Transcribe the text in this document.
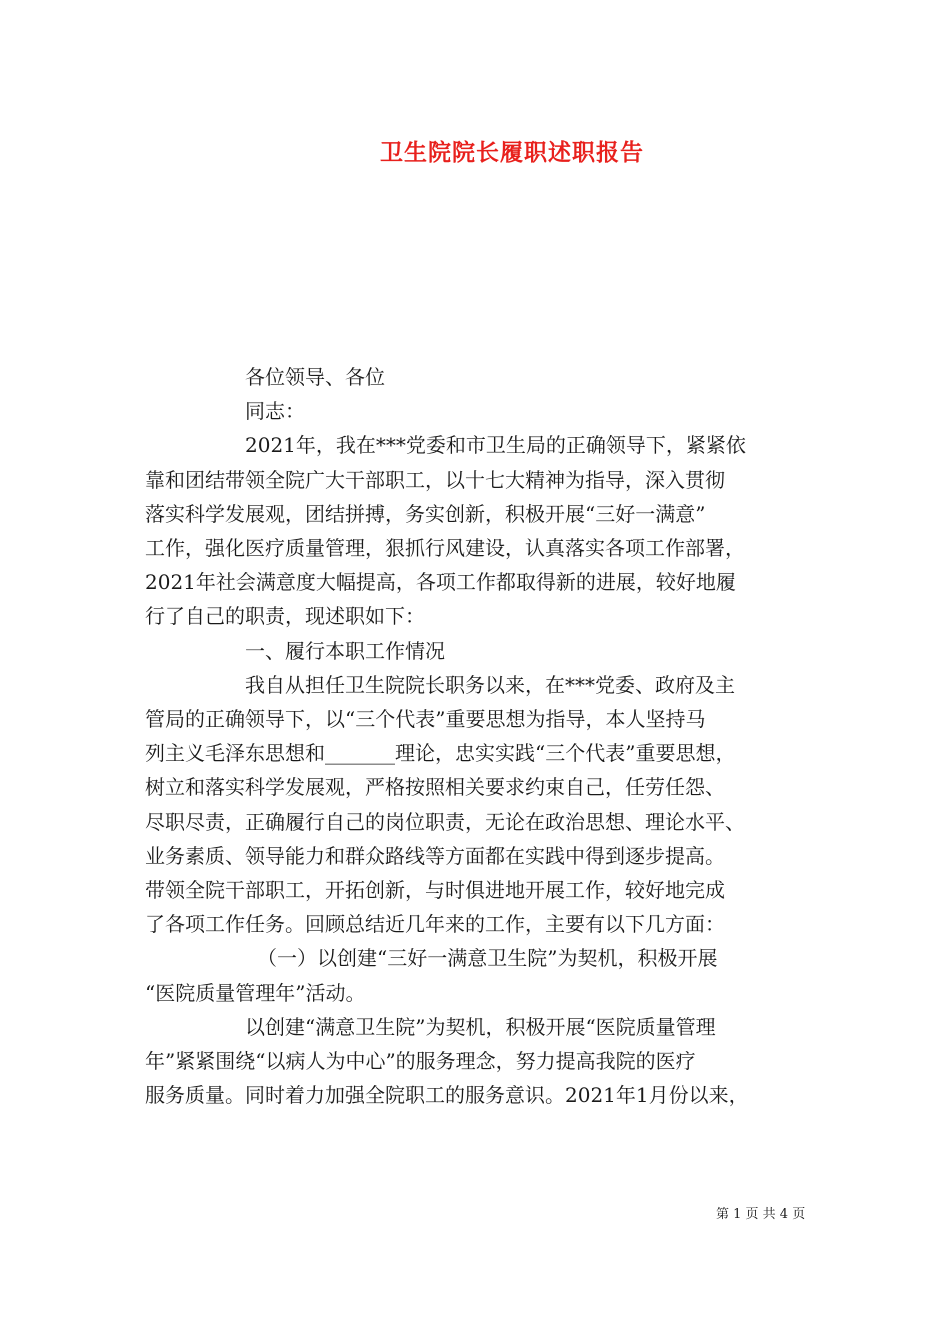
卫生院院长履职述职报告
各位领导、各位
同志：
2021年，我在***党委和市卫生局的正确领导下，紧紧依
靠和团结带领全院广大干部职工，以十七大精神为指导，深入贯彻
落实科学发展观，团结拼搏，务实创新，积极开展“三好一满意”
工作，强化医疗质量管理，狠抓行风建设，认真落实各项工作部署，
2021年社会满意度大幅提高，各项工作都取得新的进展，较好地履
行了自己的职责，现述职如下：
一、履行本职工作情况
我自从担任卫生院院长职务以来，在***党委、政府及主
管局的正确领导下，以“三个代表”重要思想为指导，本人坚持马
列主义毛泽东思想和_______理论，忠实实践“三个代表”重要思想，
树立和落实科学发展观，严格按照相关要求约束自己，任劳任怨、
尽职尽责，正确履行自己的岗位职责，无论在政治思想、理论水平、
业务素质、领导能力和群众路线等方面都在实践中得到逐步提高。
带领全院干部职工，开拓创新，与时俱进地开展工作，较好地完成
了各项工作任务。回顾总结近几年来的工作，主要有以下几方面：
（一）以创建“三好一满意卫生院”为契机，积极开展
“医院质量管理年”活动。
以创建“满意卫生院”为契机，积极开展“医院质量管理
年”紧紧围绕“以病人为中心”的服务理念，努力提高我院的医疗
服务质量。同时着力加强全院职工的服务意识。2021年1月份以来，
第 1 页 共 4 页
